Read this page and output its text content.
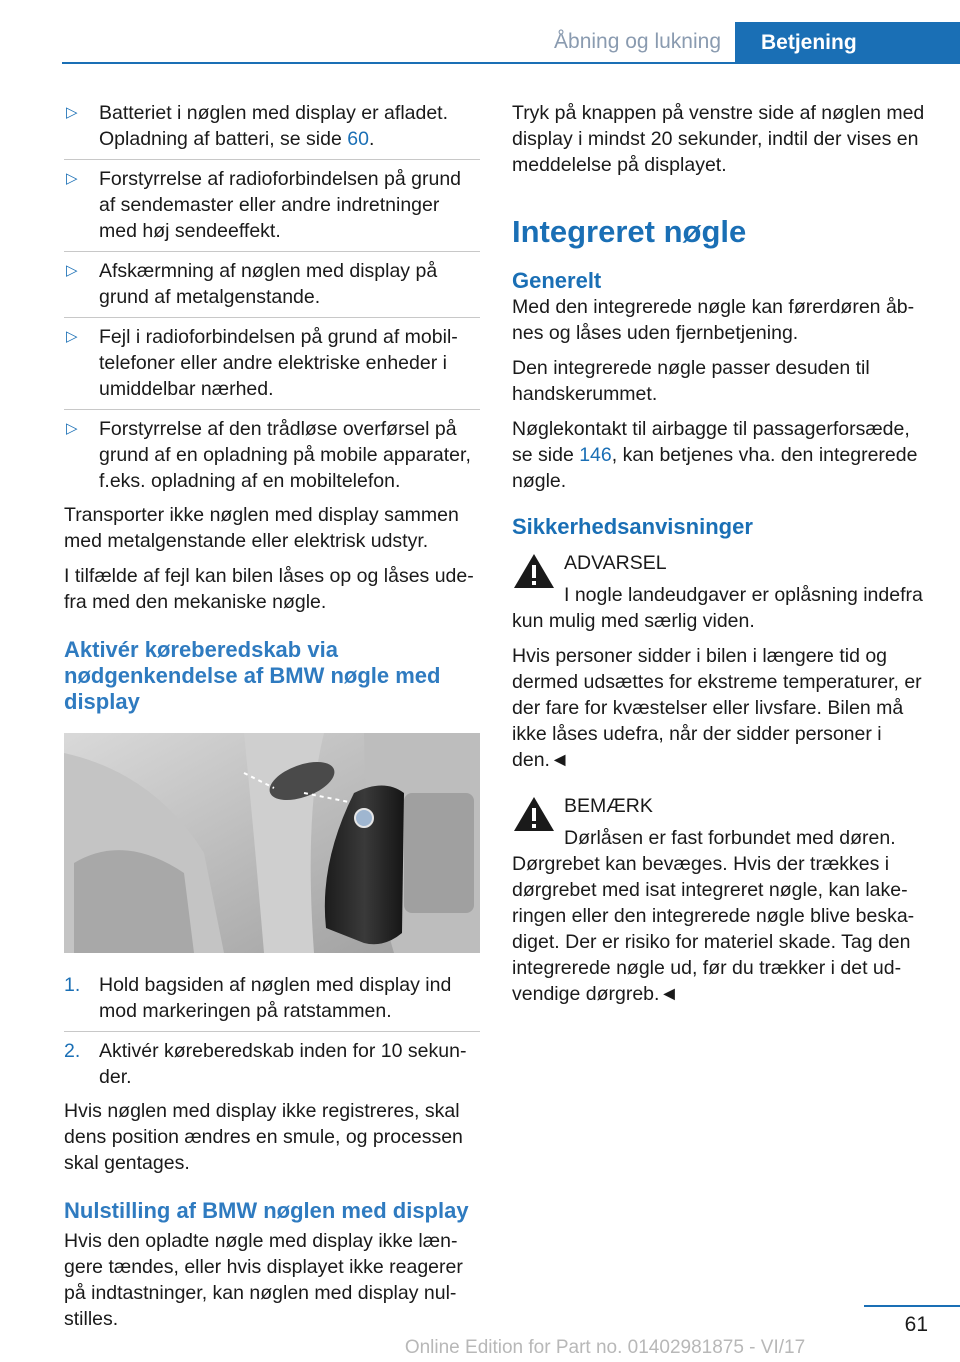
Åbning og lukning	Betjening
▷ Batteriet i nøglen med display er afladet. Opladning af batteri, se side 60.
▷ Forstyrrelse af radioforbindelsen på grund af sendemaster eller andre indretninger med høj sendeeffekt.
▷ Afskærmning af nøglen med display på grund af metalgenstande.
▷ Fejl i radioforbindelsen på grund af mobiltelefoner eller andre elektriske enheder i umiddelbar nærhed.
▷ Forstyrrelse af den trådløse overførsel på grund af en opladning på mobile apparater, f.eks. opladning af en mobiltelefon.

Transporter ikke nøglen med display sammen med metalgenstande eller elektrisk udstyr.

I tilfælde af fejl kan bilen låses op og låses udefra med den mekaniske nøgle.

Aktivér køreberedskab via nødgenkendelse af BMW nøgle med display
1. Hold bagsiden af nøglen med display ind mod markeringen på ratstammen.
2. Aktivér køreberedskab inden for 10 sekunder.

Hvis nøglen med display ikke registreres, skal dens position ændres en smule, og processen skal gentages.

Nulstilling af BMW nøglen med display

Hvis den opladte nøgle med display ikke længere tændes, eller hvis displayet ikke reagerer på indtastninger, kan nøglen med display nulstilles.

Tryk på knappen på venstre side af nøglen med display i mindst 20 sekunder, indtil der vises en meddelelse på displayet.

Integreret nøgle
Generelt

Med den integrerede nøgle kan førerdøren åbnes og låses uden fjernbetjening.

Den integrerede nøgle passer desuden til handskerummet.

Nøglekontakt til airbagge til passagerforsæde, se side 146, kan betjenes vha. den integrerede nøgle.

Sikkerhedsanvisninger
ADVARSEL

I nogle landeudgaver er oplåsning indefra kun mulig med særlig viden.

Hvis personer sidder i bilen i længere tid og dermed udsættes for ekstreme temperaturer, er der fare for kvæstelser eller livsfare. Bilen må ikke låses udefra, når der sidder personer i den.◄

BEMÆRK

Dørlåsen er fast forbundet med døren. Dørgrebet kan bevæges. Hvis der trækkes i dørgrebet med isat integreret nøgle, kan lakeringen eller den integrerede nøgle blive beskadiget. Der er risiko for materiel skade. Tag den integrerede nøgle ud, før du trækker i det udvendige dørgreb.◄

61
Online Edition for Part no. 01402981875 - VI/17
